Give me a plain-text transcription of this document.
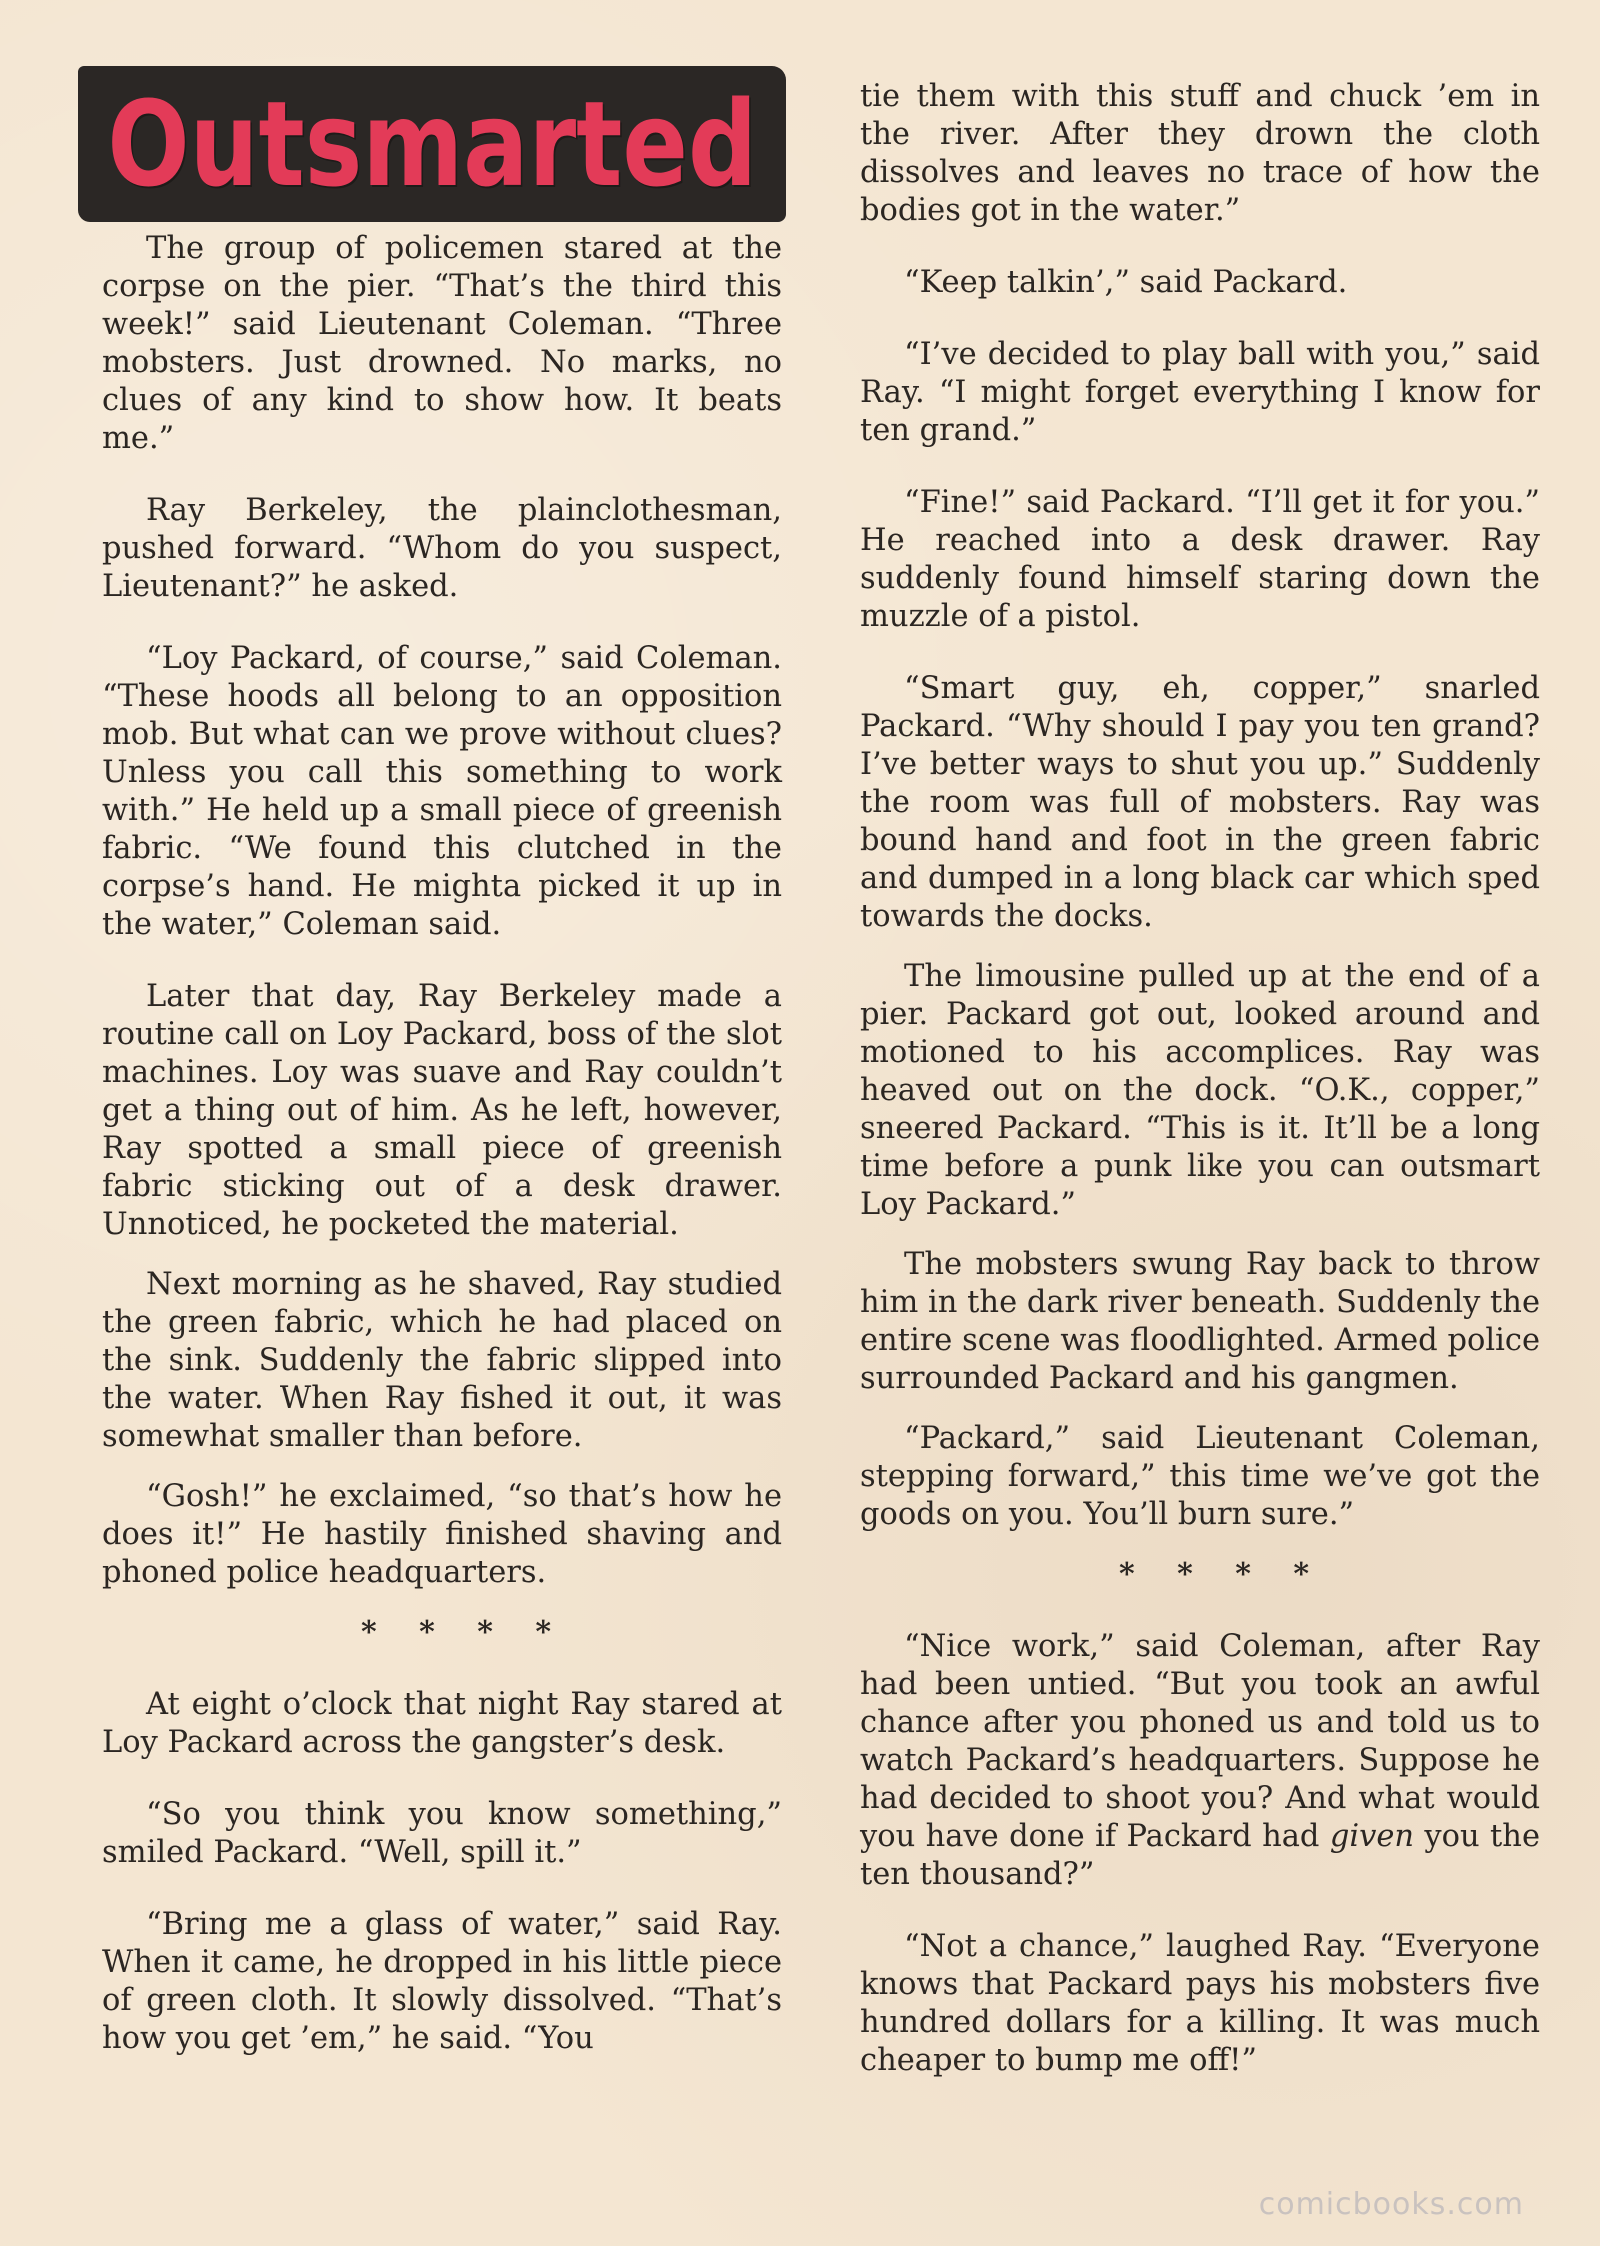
Outsmarted

The group of policemen stared at the corpse on the pier. “That’s the third this week!” said Lieutenant Coleman. “Three mobsters. Just drowned. No marks, no clues of any kind to show how. It beats me.”

Ray Berkeley, the plainclothesman, pushed forward. “Whom do you suspect, Lieutenant?” he asked.

“Loy Packard, of course,” said Coleman. “These hoods all belong to an opposition mob. But what can we prove without clues? Unless you call this something to work with.” He held up a small piece of greenish fabric. “We found this clutched in the corpse’s hand. He mighta picked it up in the water,” Coleman said.

Later that day, Ray Berkeley made a routine call on Loy Packard, boss of the slot machines. Loy was suave and Ray couldn’t get a thing out of him. As he left, however, Ray spotted a small piece of greenish fabric sticking out of a desk drawer. Unnoticed, he pocketed the material.

Next morning as he shaved, Ray studied the green fabric, which he had placed on the sink. Suddenly the fabric slipped into the water. When Ray fished it out, it was somewhat smaller than before.

“Gosh!” he exclaimed, “so that’s how he does it!” He hastily finished shaving and phoned police headquarters.

* * * *

At eight o’clock that night Ray stared at Loy Packard across the gangster’s desk.

“So you think you know something,” smiled Packard. “Well, spill it.”

“Bring me a glass of water,” said Ray. When it came, he dropped in his little piece of green cloth. It slowly dissolved. “That’s how you get ’em,” he said. “You

tie them with this stuff and chuck ’em in the river. After they drown the cloth dissolves and leaves no trace of how the bodies got in the water.”

“Keep talkin’,” said Packard.

“I’ve decided to play ball with you,” said Ray. “I might forget everything I know for ten grand.”

“Fine!” said Packard. “I’ll get it for you.” He reached into a desk drawer. Ray suddenly found himself staring down the muzzle of a pistol.

“Smart guy, eh, copper,” snarled Packard. “Why should I pay you ten grand? I’ve better ways to shut you up.” Suddenly the room was full of mobsters. Ray was bound hand and foot in the green fabric and dumped in a long black car which sped towards the docks.

The limousine pulled up at the end of a pier. Packard got out, looked around and motioned to his accomplices. Ray was heaved out on the dock. “O.K., copper,” sneered Packard. “This is it. It’ll be a long time before a punk like you can outsmart Loy Packard.”

The mobsters swung Ray back to throw him in the dark river beneath. Suddenly the entire scene was floodlighted. Armed police surrounded Packard and his gangmen.

“Packard,” said Lieutenant Coleman, stepping forward,” this time we’ve got the goods on you. You’ll burn sure.”

* * * *

“Nice work,” said Coleman, after Ray had been untied. “But you took an awful chance after you phoned us and told us to watch Packard’s headquarters. Suppose he had decided to shoot you? And what would you have done if Packard had given you the ten thousand?”

“Not a chance,” laughed Ray. “Everyone knows that Packard pays his mobsters five hundred dollars for a killing. It was much cheaper to bump me off!”

comicbooks.com
